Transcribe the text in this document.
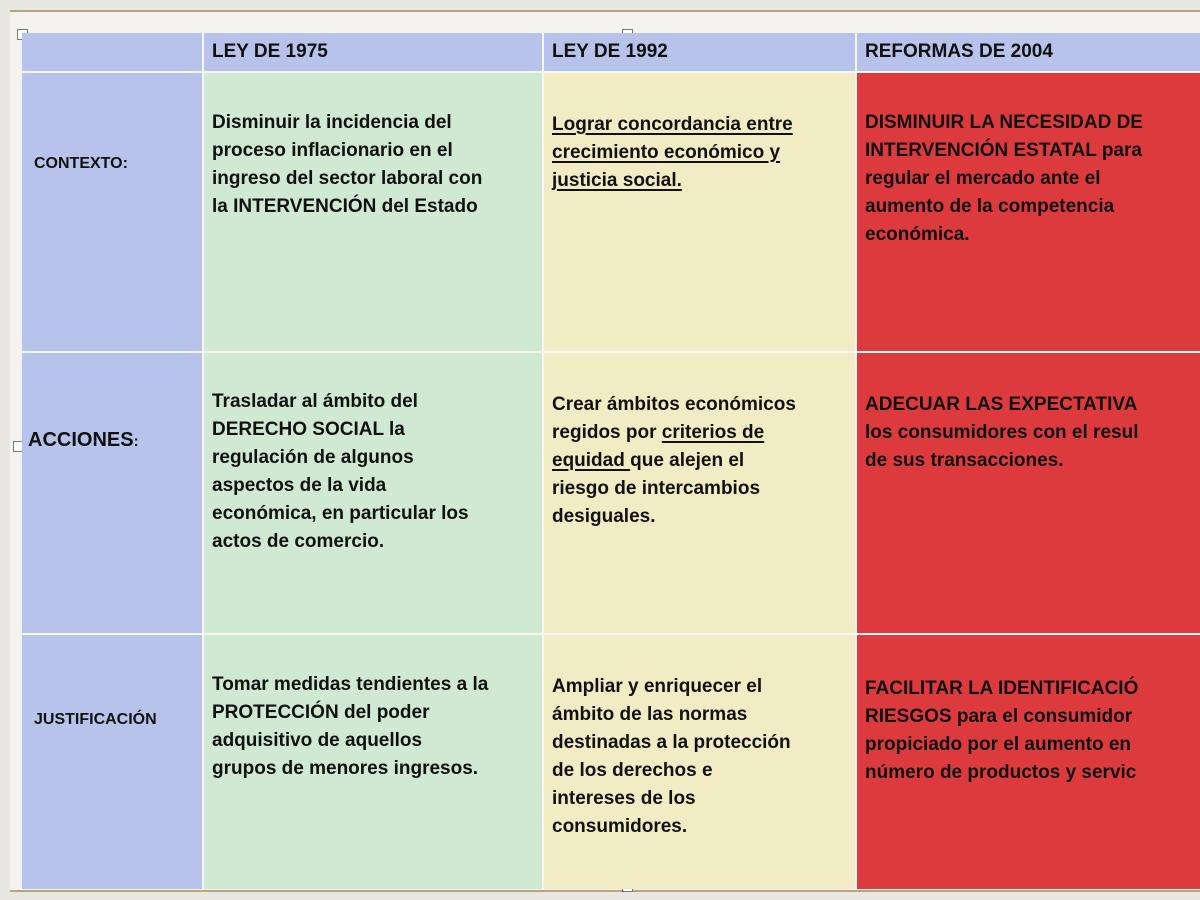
LEY DE 1975	LEY DE 1992	REFORMAS DE 2004
CONTEXTO:
Disminuir la incidencia del
proceso inflacionario en el
ingreso del sector laboral con
la INTERVENCIÓN del Estado
Lograr concordancia entre
crecimiento económico y
justicia social.
DISMINUIR LA NECESIDAD DE
INTERVENCIÓN ESTATAL para
regular el mercado ante el
aumento de la competencia
económica.
ACCIONES:
Trasladar al ámbito del
DERECHO SOCIAL la
regulación de algunos
aspectos de la vida
económica, en particular los
actos de comercio.
Crear ámbitos económicos
regidos por criterios de
equidad que alejen el
riesgo de intercambios
desiguales.
ADECUAR LAS EXPECTATIVA
los consumidores con el resul
de sus transacciones.
JUSTIFICACIÓN
Tomar medidas tendientes a la
PROTECCIÓN del poder
adquisitivo de aquellos
grupos de menores ingresos.
Ampliar y enriquecer el
ámbito de las normas
destinadas a la protección
de los derechos e
intereses de los
consumidores.
FACILITAR LA IDENTIFICACIÓ
RIESGOS para el consumidor
propiciado por el aumento en
número de productos y servic
